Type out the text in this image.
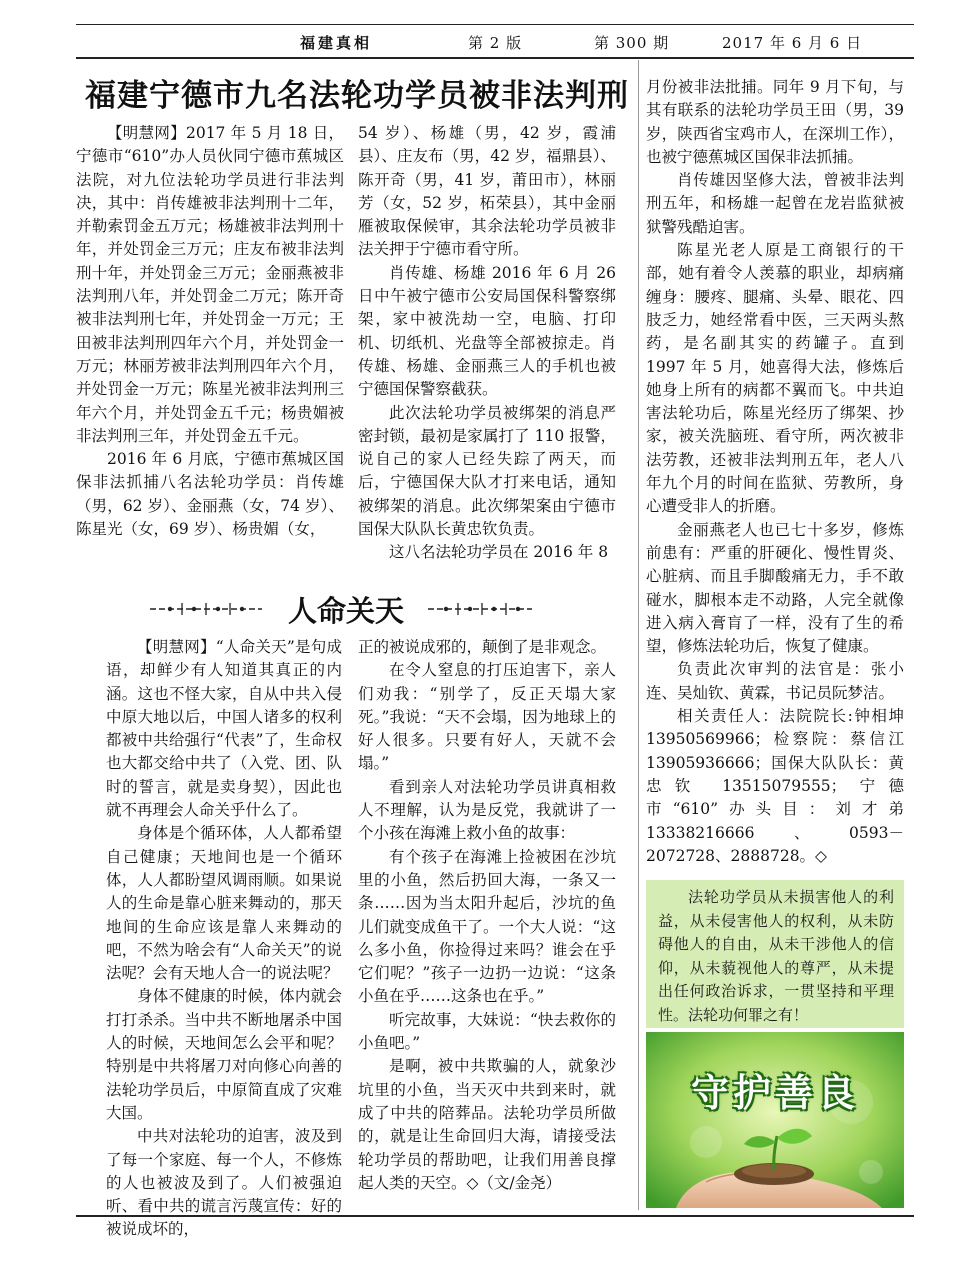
福建真相	第 2 版	第 300 期	2017 年 6 月 6 日
福建宁德市九名法轮功学员被非法判刑

【明慧网】2017 年 5 月 18 日，宁德市“610”办人员伙同宁德市蕉城区法院，对九位法轮功学员进行非法判决，其中：肖传雄被非法判刑十二年，并勒索罚金五万元；杨雄被非法判刑十年，并处罚金三万元；庄友布被非法判刑十年，并处罚金三万元；金丽燕被非法判刑八年，并处罚金二万元；陈开奇被非法判刑七年，并处罚金一万元；王田被非法判刑四年六个月，并处罚金一万元；林丽芳被非法判刑四年六个月，并处罚金一万元；陈星光被非法判刑三年六个月，并处罚金五千元；杨贵媚被非法判刑三年，并处罚金五千元。

2016 年 6 月底，宁德市蕉城区国保非法抓捕八名法轮功学员：肖传雄（男，62 岁）、金丽燕（女，74 岁）、陈星光（女，69 岁）、杨贵媚（女，

54 岁）、杨雄（男，42 岁，霞浦县）、庄友布（男，42 岁，福鼎县）、陈开奇（男，41 岁，莆田市），林丽芳（女，52 岁，柘荣县），其中金丽雁被取保候审，其余法轮功学员被非法关押于宁德市看守所。

肖传雄、杨雄 2016 年 6 月 26 日中午被宁德市公安局国保科警察绑架，家中被洗劫一空，电脑、打印机、切纸机、光盘等全部被掠走。肖传雄、杨雄、金丽燕三人的手机也被宁德国保警察截获。

此次法轮功学员被绑架的消息严密封锁，最初是家属打了 110 报警，说自己的家人已经失踪了两天，而后，宁德国保大队才打来电话，通知被绑架的消息。此次绑架案由宁德市国保大队队长黄忠钦负责。

这八名法轮功学员在 2016 年 8

月份被非法批捕。同年 9 月下旬，与其有联系的法轮功学员王田（男，39 岁，陕西省宝鸡市人，在深圳工作），也被宁德蕉城区国保非法抓捕。

肖传雄因坚修大法，曾被非法判刑五年，和杨雄一起曾在龙岩监狱被狱警残酷迫害。

陈星光老人原是工商银行的干部，她有着令人羡慕的职业，却病痛缠身：腰疼、腿痛、头晕、眼花、四肢乏力，她经常看中医，三天两头熬药，是名副其实的药罐子。直到 1997 年 5 月，她喜得大法，修炼后她身上所有的病都不翼而飞。中共迫害法轮功后，陈星光经历了绑架、抄家，被关洗脑班、看守所，两次被非法劳教，还被非法判刑五年，老人八年九个月的时间在监狱、劳教所，身心遭受非人的折磨。

金丽燕老人也已七十多岁，修炼前患有：严重的肝硬化、慢性胃炎、心脏病、而且手脚酸痛无力，手不敢碰水，脚根本走不动路，人完全就像进入病入膏肓了一样，没有了生的希望，修炼法轮功后，恢复了健康。

负责此次审判的法官是：张小连、吴灿钦、黄霖，书记员阮梦洁。

相关责任人：法院院长:钟相坤 13950569966；检察院：蔡信江 13905936666；国保大队队长：黄忠钦 13515079555；宁德市“610”办头目：刘才弟 13338216666、0593－2072728、2888728。◇

人命关天

【明慧网】“人命关天”是句成语，却鲜少有人知道其真正的内涵。这也不怪大家，自从中共入侵中原大地以后，中国人诸多的权利都被中共给强行“代表”了，生命权也大都交给中共了（入党、团、队时的誓言，就是卖身契），因此也就不再理会人命关乎什么了。

身体是个循环体，人人都希望自己健康；天地间也是一个循环体，人人都盼望风调雨顺。如果说人的生命是靠心脏来舞动的，那天地间的生命应该是靠人来舞动的吧，不然为啥会有“人命关天”的说法呢？会有天地人合一的说法呢？

身体不健康的时候，体内就会打打杀杀。当中共不断地屠杀中国人的时候，天地间怎么会平和呢？特别是中共将屠刀对向修心向善的法轮功学员后，中原简直成了灾难大国。

中共对法轮功的迫害，波及到了每一个家庭、每一个人，不修炼的人也被波及到了。人们被强迫听、看中共的谎言污蔑宣传：好的被说成坏的，

正的被说成邪的，颠倒了是非观念。

在令人窒息的打压迫害下，亲人们劝我：“别学了，反正天塌大家死。”我说：“天不会塌，因为地球上的好人很多。只要有好人，天就不会塌。”

看到亲人对法轮功学员讲真相救人不理解，认为是反党，我就讲了一个小孩在海滩上救小鱼的故事：

有个孩子在海滩上捡被困在沙坑里的小鱼，然后扔回大海，一条又一条……因为当太阳升起后，沙坑的鱼儿们就变成鱼干了。一个大人说：“这么多小鱼，你捡得过来吗？谁会在乎它们呢？”孩子一边扔一边说：“这条小鱼在乎……这条也在乎。”

听完故事，大妹说：“快去救你的小鱼吧。”

是啊，被中共欺骗的人，就象沙坑里的小鱼，当天灭中共到来时，就成了中共的陪葬品。法轮功学员所做的，就是让生命回归大海，请接受法轮功学员的帮助吧，让我们用善良撑起人类的天空。◇（文/金尧）

法轮功学员从未损害他人的利益，从未侵害他人的权利，从未防碍他人的自由，从未干涉他人的信仰，从未藐视他人的尊严，从未提出任何政治诉求，一贯坚持和平理性。法轮功何罪之有！

守护善良
